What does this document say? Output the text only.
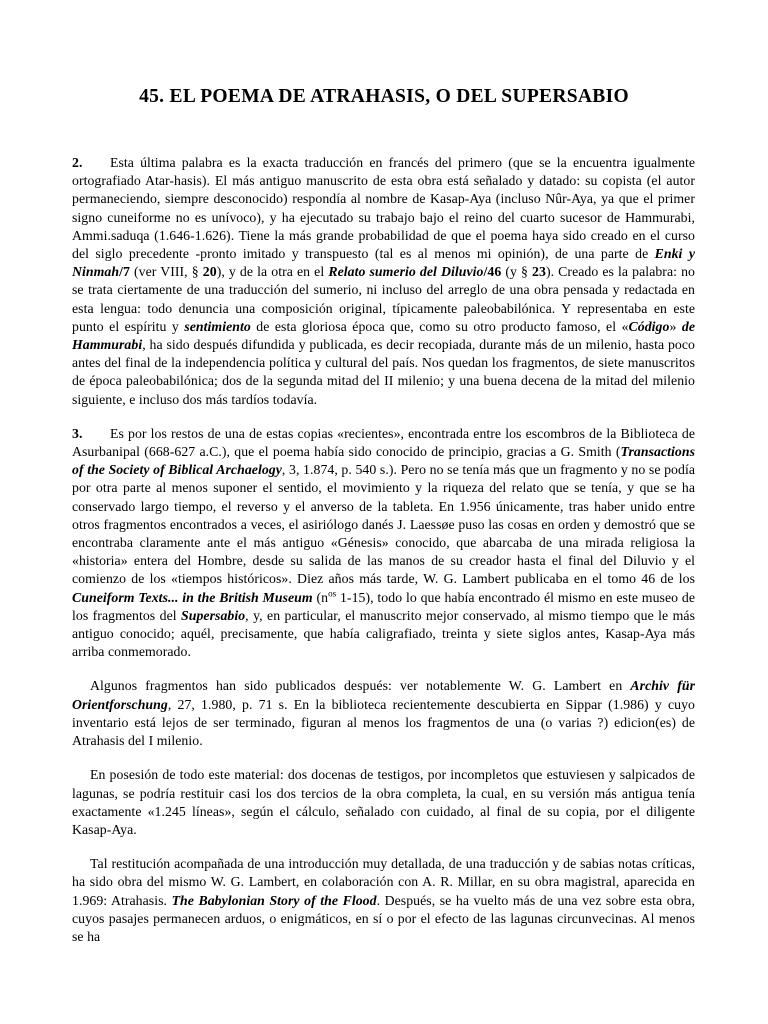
45. EL POEMA DE ATRAHASIS, O DEL SUPERSABIO

2. Esta última palabra es la exacta traducción en francés del primero (que se la encuentra igualmente ortografiado Atar-hasis). El más antiguo manuscrito de esta obra está señalado y datado: su copista (el autor permaneciendo, siempre desconocido) respondía al nombre de Kasap-Aya (incluso Nûr-Aya, ya que el primer signo cuneiforme no es unívoco), y ha ejecutado su trabajo bajo el reino del cuarto sucesor de Hammurabi, Ammi.saduqa (1.646-1.626). Tiene la más grande probabilidad de que el poema haya sido creado en el curso del siglo precedente -pronto imitado y transpuesto (tal es al menos mi opinión), de una parte de Enki y Ninmah/7 (ver VIII, § 20), y de la otra en el Relato sumerio del Diluvio/46 (y § 23). Creado es la palabra: no se trata ciertamente de una traducción del sumerio, ni incluso del arreglo de una obra pensada y redactada en esta lengua: todo denuncia una composición original, típicamente paleobabilónica. Y representaba en este punto el espíritu y sentimiento de esta gloriosa época que, como su otro producto famoso, el «Código» de Hammurabi, ha sido después difundida y publicada, es decir recopiada, durante más de un milenio, hasta poco antes del final de la independencia política y cultural del país. Nos quedan los fragmentos, de siete manuscritos de época paleobabilónica; dos de la segunda mitad del II milenio; y una buena decena de la mitad del milenio siguiente, e incluso dos más tardíos todavía.

3. Es por los restos de una de estas copias «recientes», encontrada entre los escombros de la Biblioteca de Asurbanipal (668-627 a.C.), que el poema había sido conocido de principio, gracias a G. Smith (Transactions of the Society of Biblical Archaelogy, 3, 1.874, p. 540 s.). Pero no se tenía más que un fragmento y no se podía por otra parte al menos suponer el sentido, el movimiento y la riqueza del relato que se tenía, y que se ha conservado largo tiempo, el reverso y el anverso de la tableta. En 1.956 únicamente, tras haber unido entre otros fragmentos encontrados a veces, el asiriólogo danés J. Laessøe puso las cosas en orden y demostró que se encontraba claramente ante el más antiguo «Génesis» conocido, que abarcaba de una mirada religiosa la «historia» entera del Hombre, desde su salida de las manos de su creador hasta el final del Diluvio y el comienzo de los «tiempos históricos». Diez años más tarde, W. G. Lambert publicaba en el tomo 46 de los Cuneiform Texts... in the British Museum ($n^{os}$ 1-15), todo lo que había encontrado él mismo en este museo de los fragmentos del Supersabio, y, en particular, el manuscrito mejor conservado, al mismo tiempo que le más antiguo conocido; aquél, precisamente, que había caligrafiado, treinta y siete siglos antes, Kasap-Aya más arriba conmemorado.

Algunos fragmentos han sido publicados después: ver notablemente W. G. Lambert en Archiv für Orientforschung, 27, 1.980, p. 71 s. En la biblioteca recientemente descubierta en Sippar (1.986) y cuyo inventario está lejos de ser terminado, figuran al menos los fragmentos de una (o varias ?) edicion(es) de Atrahasis del I milenio.

En posesión de todo este material: dos docenas de testigos, por incompletos que estuviesen y salpicados de lagunas, se podría restituir casi los dos tercios de la obra completa, la cual, en su versión más antigua tenía exactamente «1.245 líneas», según el cálculo, señalado con cuidado, al final de su copia, por el diligente Kasap-Aya.

Tal restitución acompañada de una introducción muy detallada, de una traducción y de sabias notas críticas, ha sido obra del mismo W. G. Lambert, en colaboración con A. R. Millar, en su obra magistral, aparecida en 1.969: Atrahasis. The Babylonian Story of the Flood. Después, se ha vuelto más de una vez sobre esta obra, cuyos pasajes permanecen arduos, o enigmáticos, en sí o por el efecto de las lagunas circunvecinas. Al menos se ha
